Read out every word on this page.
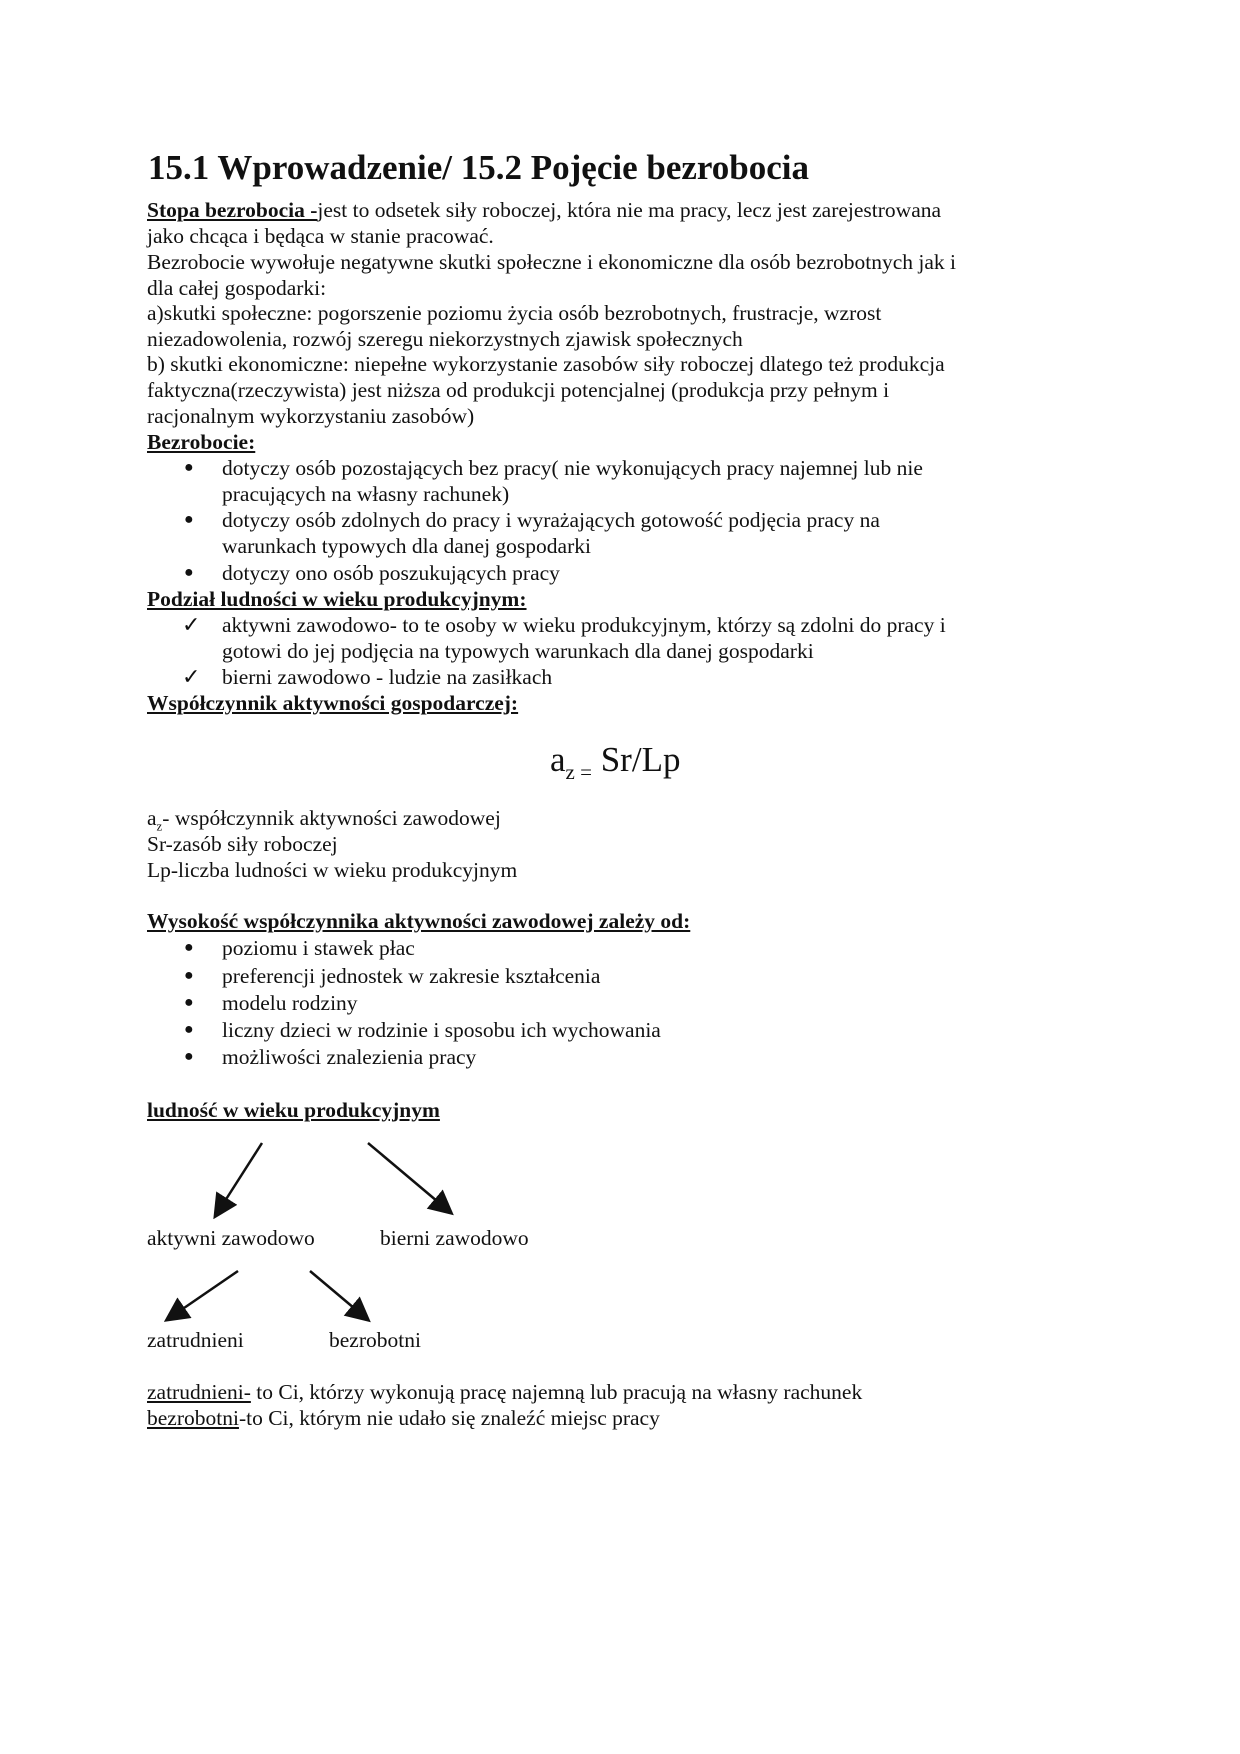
15.1 Wprowadzenie/ 15.2 Pojęcie bezrobocia
Stopa bezrobocia -jest to odsetek siły roboczej, która nie ma pracy, lecz jest zarejestrowana
jako chcąca i będąca w stanie pracować.
Bezrobocie wywołuje negatywne skutki społeczne i ekonomiczne dla osób bezrobotnych jak i
dla całej gospodarki:
a)skutki społeczne: pogorszenie poziomu życia osób bezrobotnych, frustracje, wzrost
niezadowolenia, rozwój szeregu niekorzystnych zjawisk społecznych
b) skutki ekonomiczne: niepełne wykorzystanie zasobów siły roboczej dlatego też produkcja
faktyczna(rzeczywista) jest niższa od produkcji potencjalnej (produkcja przy pełnym i
racjonalnym wykorzystaniu zasobów)
Bezrobocie:
● dotyczy osób pozostających bez pracy( nie wykonujących pracy najemnej lub nie
pracujących na własny rachunek)
● dotyczy osób zdolnych do pracy i wyrażających gotowość podjęcia pracy na
warunkach typowych dla danej gospodarki
● dotyczy ono osób poszukujących pracy
Podział ludności w wieku produkcyjnym:
✓ aktywni zawodowo- to te osoby w wieku produkcyjnym, którzy są zdolni do pracy i
gotowi do jej podjęcia na typowych warunkach dla danej gospodarki
✓ bierni zawodowo - ludzie na zasiłkach
Współczynnik aktywności gospodarczej:
$a_{z =}$ Sr/Lp
$a_z-$ współczynnik aktywności zawodowej
Sr-zasób siły roboczej
Lp-liczba ludności w wieku produkcyjnym
Wysokość współczynnika aktywności zawodowej zależy od:
● poziomu i stawek płac
● preferencji jednostek w zakresie kształcenia
● modelu rodziny
● liczny dzieci w rodzinie i sposobu ich wychowania
● możliwości znalezienia pracy
ludność w wieku produkcyjnym
aktywni zawodowo	bierni zawodowo
zatrudnieni	bezrobotni
zatrudnieni- to Ci, którzy wykonują pracę najemną lub pracują na własny rachunek
bezrobotni-to Ci, którym nie udało się znaleźć miejsc pracy
